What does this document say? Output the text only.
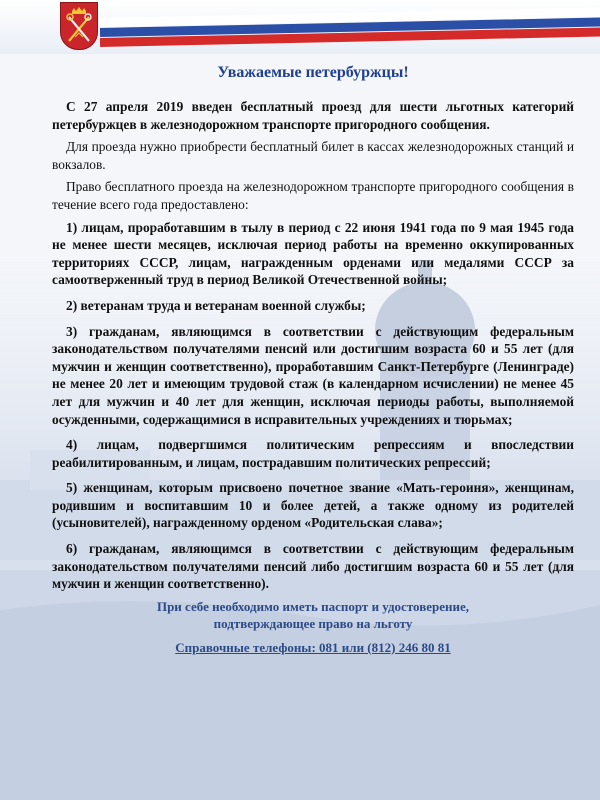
Уважаемые петербуржцы!

С 27 апреля 2019 введен бесплатный проезд для шести льготных категорий петербуржцев в железнодорожном транспорте пригородного сообщения.

Для проезда нужно приобрести бесплатный билет в кассах железнодорожных станций и вокзалов.

Право бесплатного проезда на железнодорожном транспорте пригородного сообщения в течение всего года предоставлено:

1) лицам, проработавшим в тылу в период с 22 июня 1941 года по 9 мая 1945 года не менее шести месяцев, исключая период работы на временно оккупированных территориях СССР, лицам, награжденным орденами или медалями СССР за самоотверженный труд в период Великой Отечественной войны;

2) ветеранам труда и ветеранам военной службы;

3) гражданам, являющимся в соответствии с действующим федеральным законодательством получателями пенсий или достигшим возраста 60 и 55 лет (для мужчин и женщин соответственно), проработавшим Санкт-Петербурге (Ленинграде) не менее 20 лет и имеющим трудовой стаж (в календарном исчислении) не менее 45 лет для мужчин и 40 лет для женщин, исключая периоды работы, выполняемой осужденными, содержащимися в исправительных учреждениях и тюрьмах;

4) лицам, подвергшимся политическим репрессиям и впоследствии реабилитированным, и лицам, пострадавшим политических репрессий;

5) женщинам, которым присвоено почетное звание «Мать-героиня», женщинам, родившим и воспитавшим 10 и более детей, а также одному из родителей (усыновителей), награжденному орденом «Родительская слава»;

6) гражданам, являющимся в соответствии с действующим федеральным законодательством получателями пенсий либо достигшим возраста 60 и 55 лет (для мужчин и женщин соответственно).

При себе необходимо иметь паспорт и удостоверение,
подтверждающее право на льготу
Справочные телефоны: 081 или (812) 246 80 81
